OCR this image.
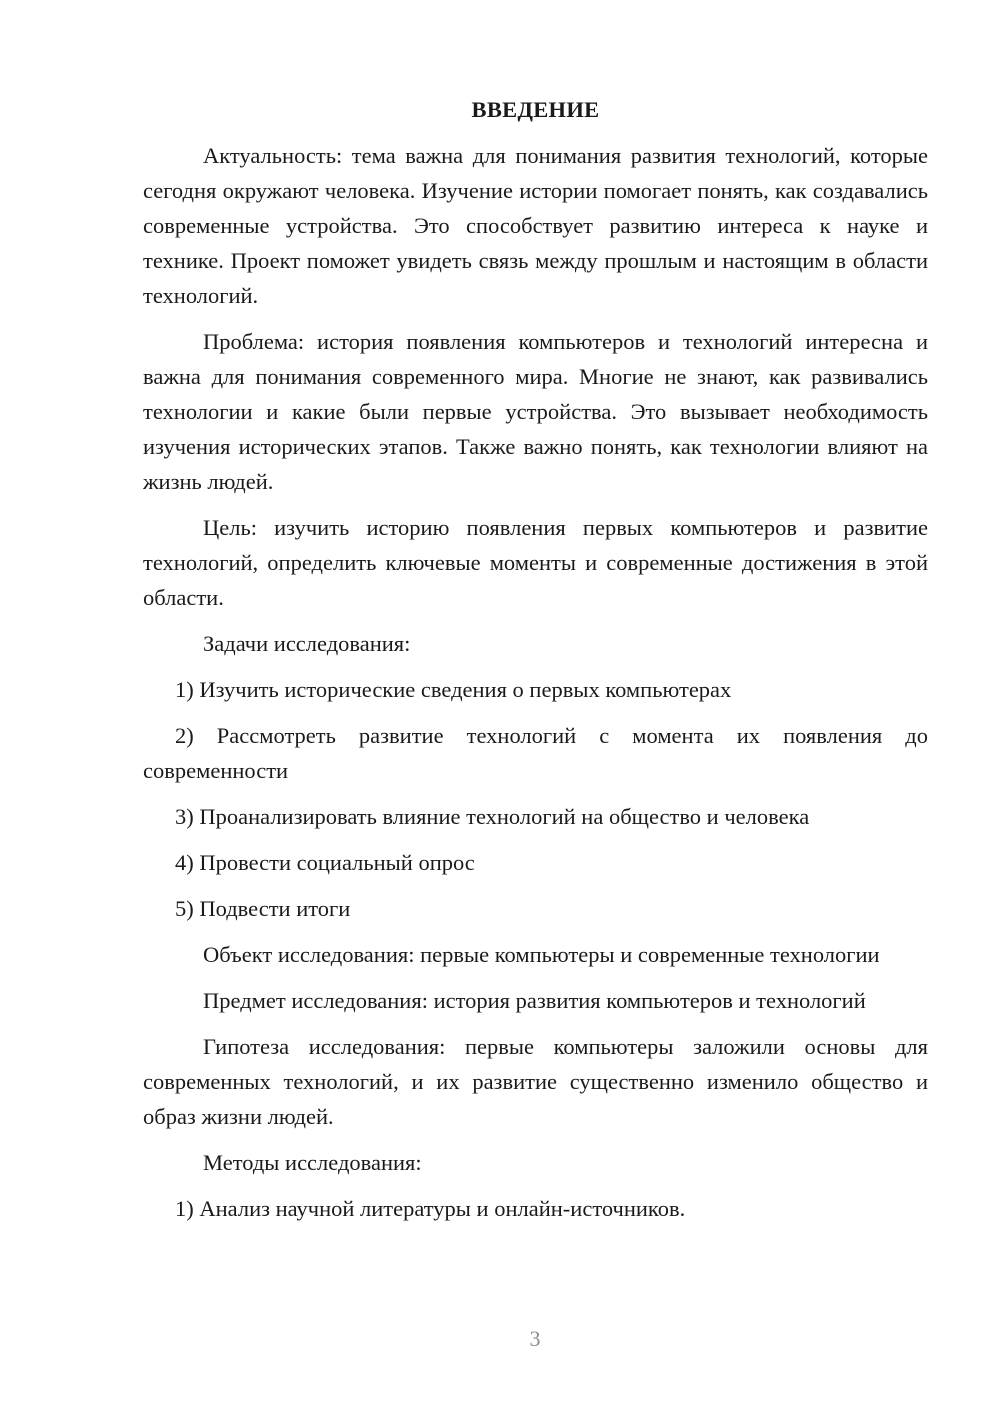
ВВЕДЕНИЕ

Актуальность: тема важна для понимания развития технологий, которые сегодня окружают человека. Изучение истории помогает понять, как создавались современные устройства. Это способствует развитию интереса к науке и технике. Проект поможет увидеть связь между прошлым и настоящим в области технологий.

Проблема: история появления компьютеров и технологий интересна и важна для понимания современного мира. Многие не знают, как развивались технологии и какие были первые устройства. Это вызывает необходимость изучения исторических этапов. Также важно понять, как технологии влияют на жизнь людей.

Цель: изучить историю появления первых компьютеров и развитие технологий, определить ключевые моменты и современные достижения в этой области.

Задачи исследования:

1) Изучить исторические сведения о первых компьютерах

2) Рассмотреть развитие технологий с момента их появления до современности

3) Проанализировать влияние технологий на общество и человека

4) Провести социальный опрос

5) Подвести итоги

Объект исследования: первые компьютеры и современные технологии

Предмет исследования: история развития компьютеров и технологий

Гипотеза исследования: первые компьютеры заложили основы для современных технологий, и их развитие существенно изменило общество и образ жизни людей.

Методы исследования:

1) Анализ научной литературы и онлайн-источников.

3
